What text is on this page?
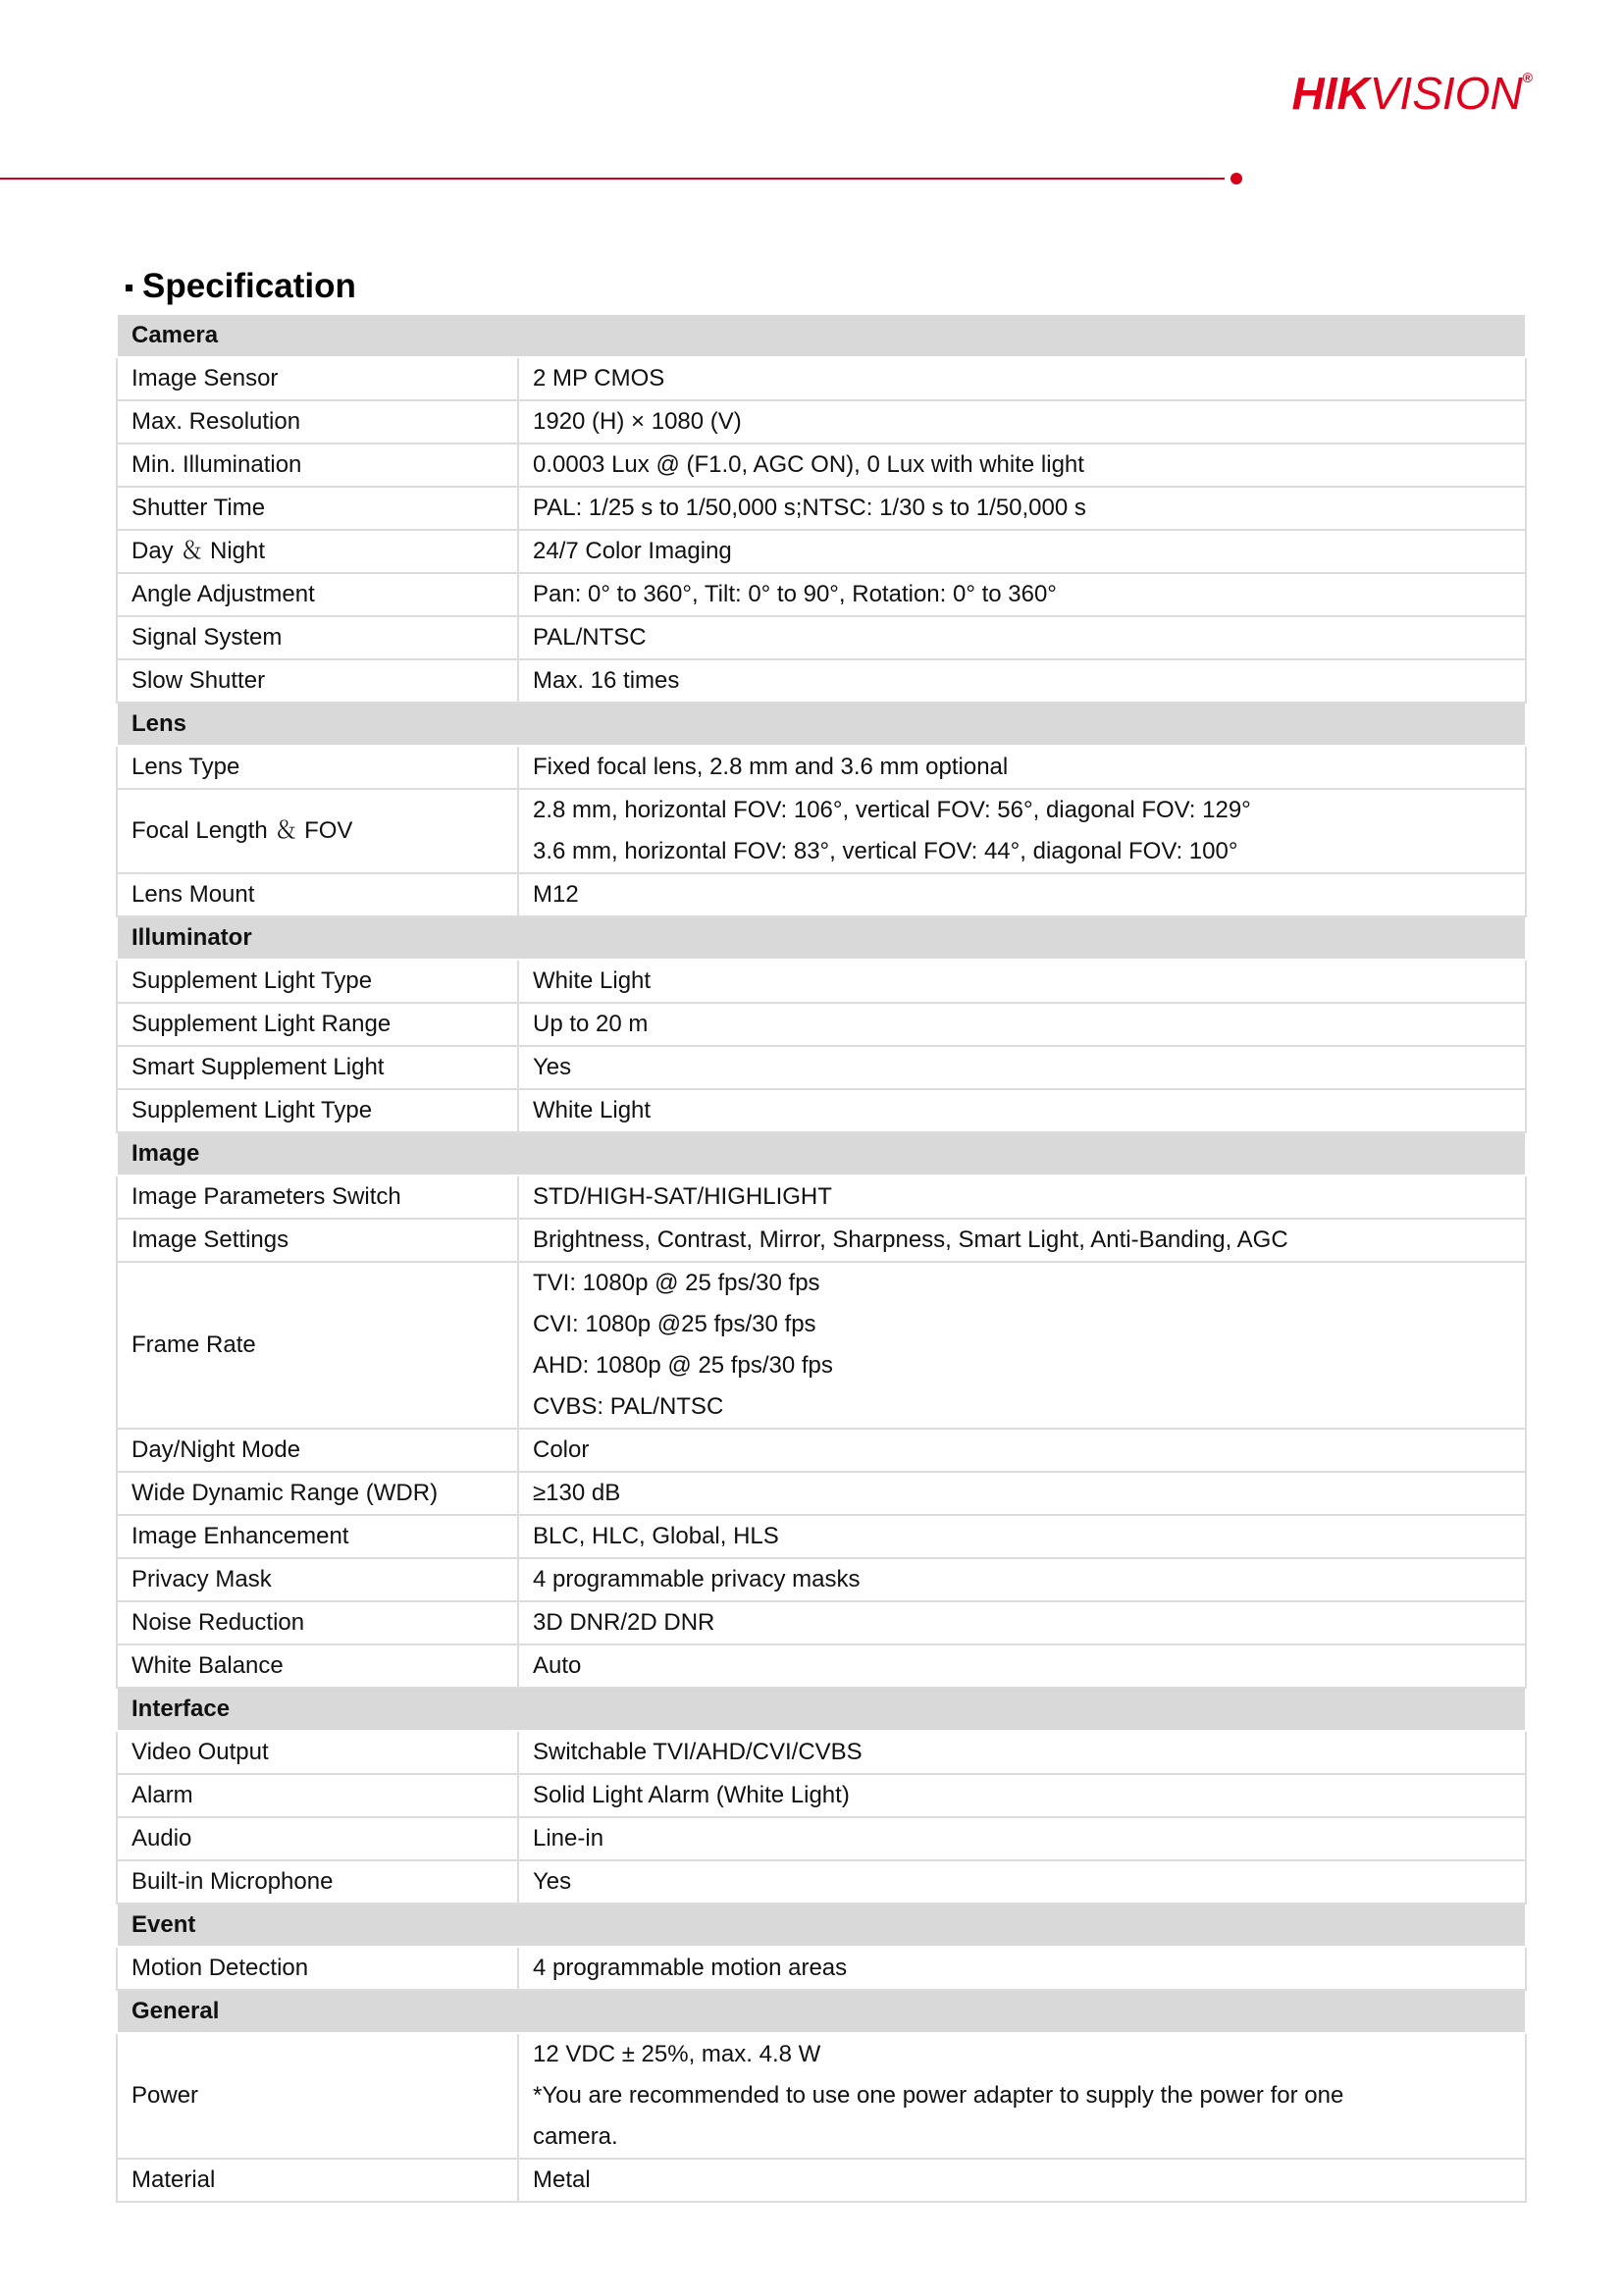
HIKVISION®
Specification
Camera	
Image Sensor	2 MP CMOS

Max. Resolution	1920 (H) × 1080 (V)

Min. Illumination	0.0003 Lux @ (F1.0, AGC ON), 0 Lux with white light

Shutter Time	PAL: 1/25 s to 1/50,000 s;NTSC: 1/30 s to 1/50,000 s

Day ＆ Night	24/7 Color Imaging

Angle Adjustment	Pan: 0° to 360°, Tilt: 0° to 90°, Rotation: 0° to 360°

Signal System	PAL/NTSC

Slow Shutter	Max. 16 times

Lens	
Lens Type	Fixed focal lens, 2.8 mm and 3.6 mm optional

Focal Length ＆ FOV	2.8 mm, horizontal FOV: 106°, vertical FOV: 56°, diagonal FOV: 129°
3.6 mm, horizontal FOV: 83°, vertical FOV: 44°, diagonal FOV: 100°

Lens Mount	M12

Illuminator	
Supplement Light Type	White Light

Supplement Light Range	Up to 20 m

Smart Supplement Light	Yes

Supplement Light Type	White Light

Image	
Image Parameters Switch	STD/HIGH-SAT/HIGHLIGHT

Image Settings	Brightness, Contrast, Mirror, Sharpness, Smart Light, Anti-Banding, AGC

Frame Rate	TVI: 1080p @ 25 fps/30 fps
CVI: 1080p @25 fps/30 fps
AHD: 1080p @ 25 fps/30 fps
CVBS: PAL/NTSC

Day/Night Mode	Color

Wide Dynamic Range (WDR)	≥130 dB

Image Enhancement	BLC, HLC, Global, HLS

Privacy Mask	4 programmable privacy masks

Noise Reduction	3D DNR/2D DNR

White Balance	Auto

Interface	
Video Output	Switchable TVI/AHD/CVI/CVBS

Alarm	Solid Light Alarm (White Light)

Audio	Line-in

Built-in Microphone	Yes

Event	
Motion Detection	4 programmable motion areas

General	
Power	12 VDC ± 25%, max. 4.8 W
*You are recommended to use one power adapter to supply the power for one
camera.

Material	Metal
